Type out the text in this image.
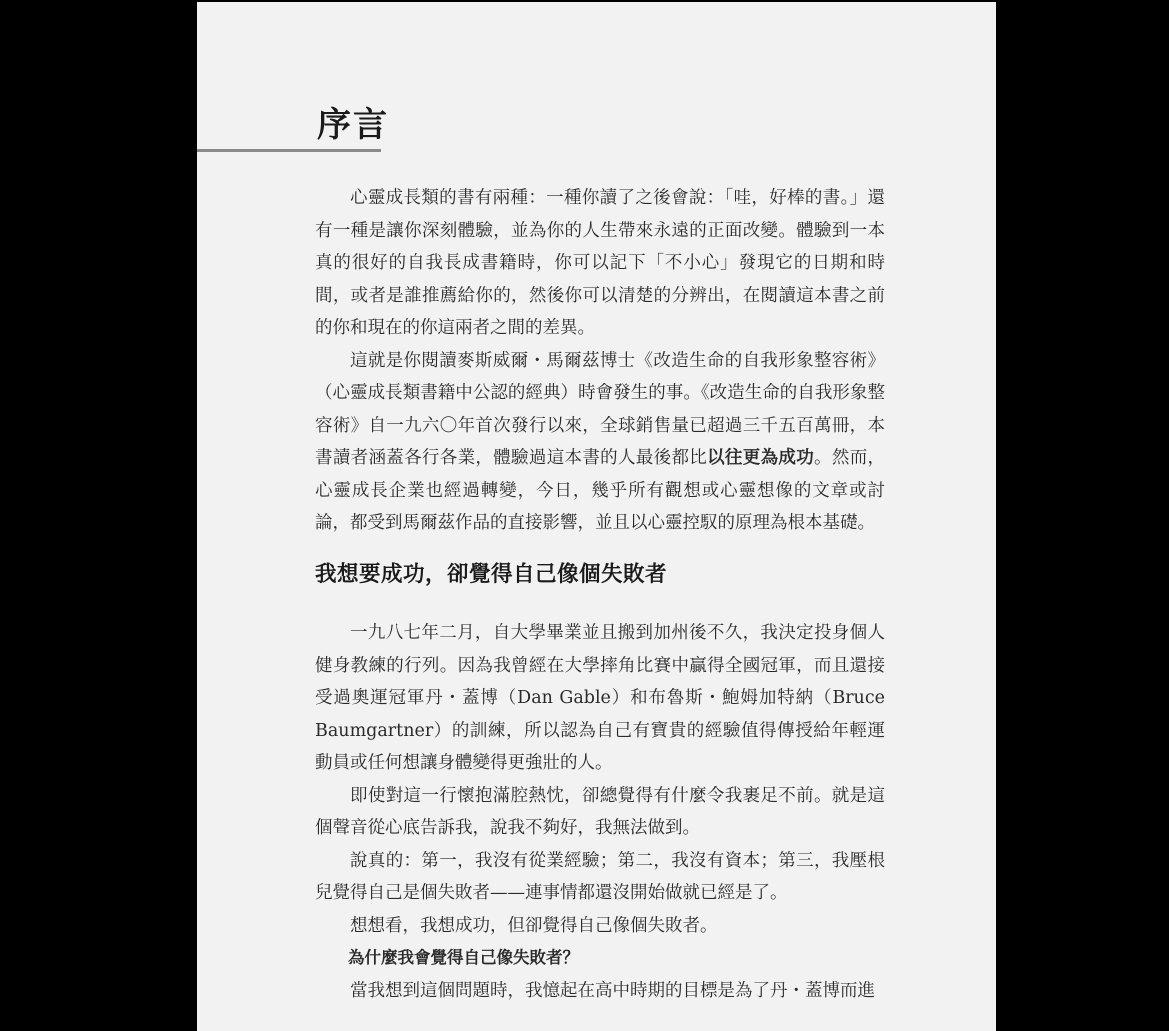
序言

心靈成長類的書有兩種：一種你讀了之後會說：「哇，好棒的書。」還有一種是讓你深刻體驗，並為你的人生帶來永遠的正面改變。體驗到一本真的很好的自我長成書籍時，你可以記下「不小心」發現它的日期和時間，或者是誰推薦給你的，然後你可以清楚的分辨出，在閱讀這本書之前的你和現在的你這兩者之間的差異。

這就是你閱讀麥斯威爾・馬爾茲博士《改造生命的自我形象整容術》（心靈成長類書籍中公認的經典）時會發生的事。《改造生命的自我形象整容術》自一九六〇年首次發行以來，全球銷售量已超過三千五百萬冊，本書讀者涵蓋各行各業，體驗過這本書的人最後都比以往更為成功。然而，心靈成長企業也經過轉變，今日，幾乎所有觀想或心靈想像的文章或討論，都受到馬爾茲作品的直接影響，並且以心靈控馭的原理為根本基礎。

我想要成功，卻覺得自己像個失敗者

一九八七年二月，自大學畢業並且搬到加州後不久，我決定投身個人健身教練的行列。因為我曾經在大學摔角比賽中贏得全國冠軍，而且還接受過奧運冠軍丹・蓋博（Dan Gable）和布魯斯・鮑姆加特納（Bruce Baumgartner）的訓練，所以認為自己有寶貴的經驗值得傳授給年輕運動員或任何想讓身體變得更強壯的人。

即使對這一行懷抱滿腔熱忱，卻總覺得有什麼令我裹足不前。就是這個聲音從心底告訴我，說我不夠好，我無法做到。

說真的：第一，我沒有從業經驗；第二，我沒有資本；第三，我壓根兒覺得自己是個失敗者——連事情都還沒開始做就已經是了。

想想看，我想成功，但卻覺得自己像個失敗者。

為什麼我會覺得自己像失敗者？

當我想到這個問題時，我憶起在高中時期的目標是為了丹・蓋博而進
